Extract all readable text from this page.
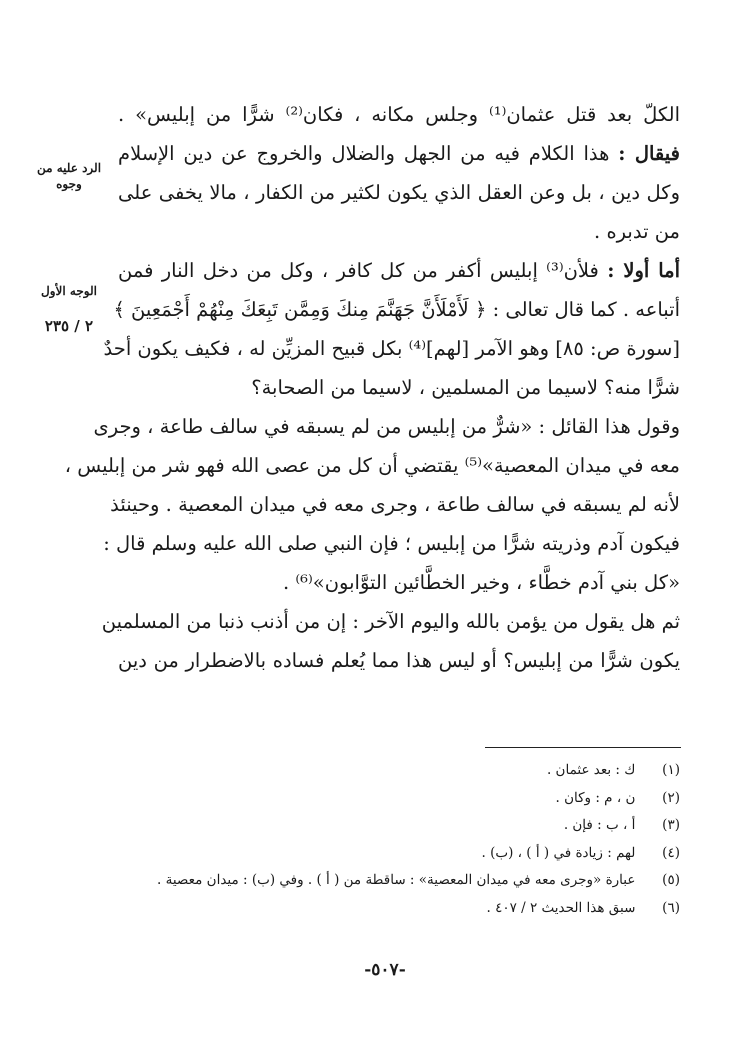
الكلّ بعد قتل عثمان⁽¹⁾ وجلس مكانه ، فكان⁽²⁾ شرًّا من إبليس» .
فيقال : هذا الكلام فيه من الجهل والضلال والخروج عن دين الإسلام
وكل دين ، بل وعن العقل الذي يكون لكثير من الكفار ، مالا يخفى على
من تدبره .
أما أولا : فلأن⁽³⁾ إبليس أكفر من كل كافر ، وكل من دخل النار فمن
أتباعه . كما قال تعالى : ﴿ لَأَمْلَأَنَّ جَهَنَّمَ مِنكَ وَمِمَّن تَبِعَكَ مِنْهُمْ أَجْمَعِينَ ﴾
[سورة ص: ٨٥] وهو الآمر [لهم]⁽⁴⁾ بكل قبيح المزيِّن له ، فكيف يكون أحدٌ
شرًّا منه؟ لاسيما من المسلمين ، لاسيما من الصحابة؟
وقول هذا القائل : «شرٌّ من إبليس من لم يسبقه في سالف طاعة ، وجرى
معه في ميدان المعصية»⁽⁵⁾ يقتضي أن كل من عصى الله فهو شر من إبليس ،
لأنه لم يسبقه في سالف طاعة ، وجرى معه في ميدان المعصية . وحينئذ
فيكون آدم وذريته شرًّا من إبليس ؛ فإن النبي صلى الله عليه وسلم قال :
«كل بني آدم خطَّاء ، وخير الخطَّائين التوَّابون»⁽⁶⁾ .
ثم هل يقول من يؤمن بالله واليوم الآخر : إن من أذنب ذنبا من المسلمين
يكون شرًّا من إبليس؟ أو ليس هذا مما يُعلم فساده بالاضطرار من دين
الرد عليه من وجوه
الوجه الأول
٢ / ٢٣٥
(١)  ك : بعد عثمان .
(٢)  ن ، م : وكان .
(٣)  أ ، ب : فإن .
(٤)  لهم : زيادة في ( أ ) ، (ب) .
(٥)  عبارة «وجرى معه في ميدان المعصية» : ساقطة من ( أ ) . وفي (ب) : ميدان معصية .
(٦)  سبق هذا الحديث ٢ / ٤٠٧ .
-٥٠٧-
